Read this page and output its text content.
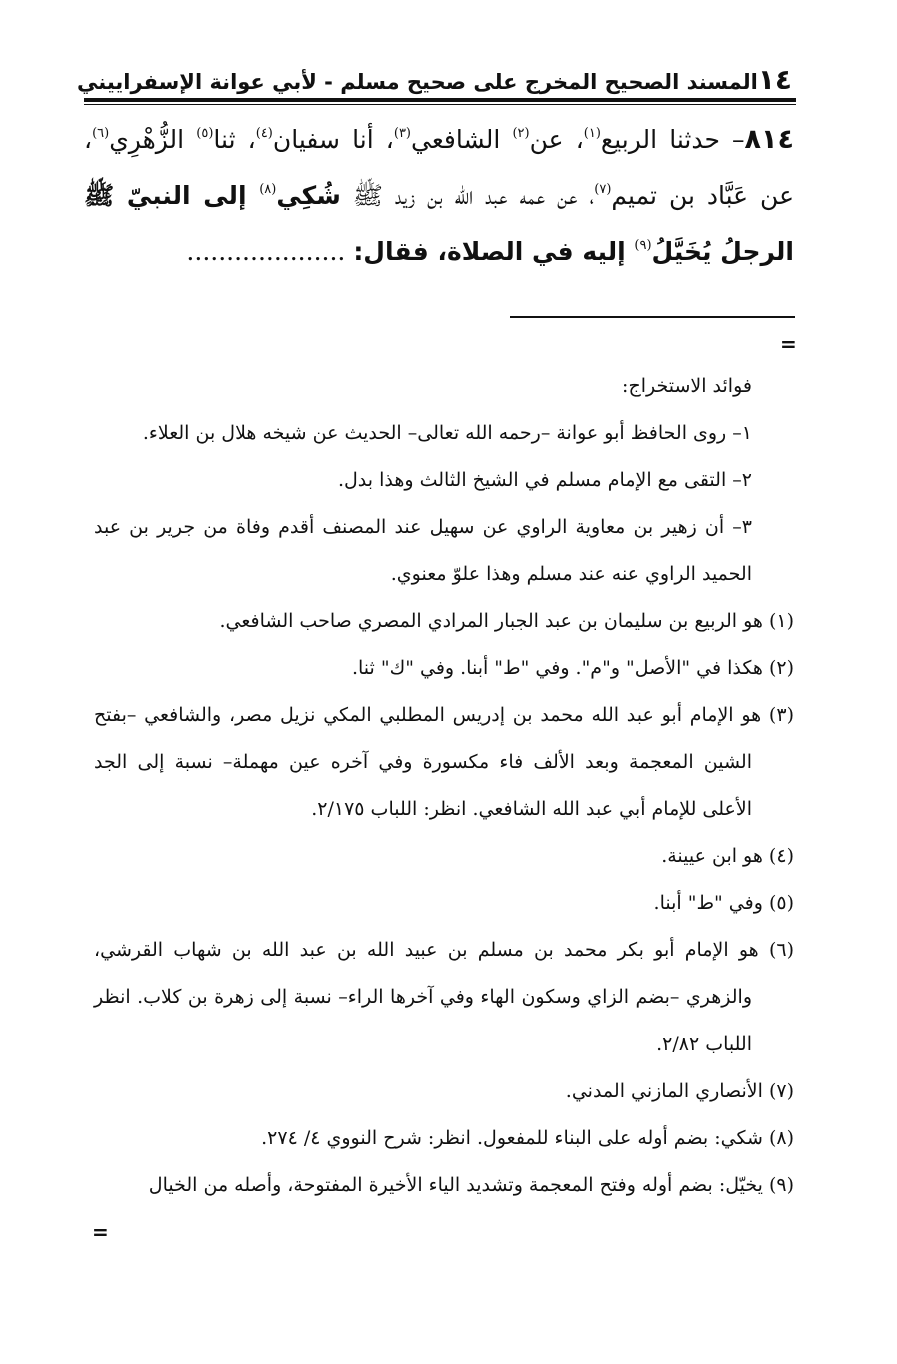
١٤
المسند الصحيح المخرج على صحيح مسلم - لأبي عوانة الإسفراييني
٨١٤– حدثنا الربيع$^{(١)}$، عن$^{(٢)}$ الشافعي$^{(٣)}$، أنا سفيان$^{(٤)}$، ثنا$^{(٥)}$ الزُّهْرِي$^{(٦)}$، عن عَبَّاد بن تميم$^{(٧)}$، عن عمه عبد الله بن زيد ﷺ شُكِي$^{(٨)}$ إلى النبيّ ﷺ الرجلُ يُخَيَّلُ$^{(٩)}$ إليه في الصلاة، فقال: ....................
=

فوائد الاستخراج:

١– روى الحافظ أبو عوانة –رحمه الله تعالى– الحديث عن شيخه هلال بن العلاء.

٢– التقى مع الإمام مسلم في الشيخ الثالث وهذا بدل.

٣– أن زهير بن معاوية الراوي عن سهيل عند المصنف أقدم وفاة من جرير بن عبد الحميد الراوي عنه عند مسلم وهذا علوّ معنوي.

(١) هو الربيع بن سليمان بن عبد الجبار المرادي المصري صاحب الشافعي.

(٢) هكذا في "الأصل" و"م". وفي "ط" أبنا. وفي "ك" ثنا.

(٣) هو الإمام أبو عبد الله محمد بن إدريس المطلبي المكي نزيل مصر، والشافعي –بفتح الشين المعجمة وبعد الألف فاء مكسورة وفي آخره عين مهملة– نسبة إلى الجد الأعلى للإمام أبي عبد الله الشافعي. انظر: اللباب ٢/١٧٥.

(٤) هو ابن عيينة.

(٥) وفي "ط" أبنا.

(٦) هو الإمام أبو بكر محمد بن مسلم بن عبيد الله بن عبد الله بن شهاب القرشي، والزهري –بضم الزاي وسكون الهاء وفي آخرها الراء– نسبة إلى زهرة بن كلاب. انظر اللباب ٢/٨٢.

(٧) الأنصاري المازني المدني.

(٨) شكي: بضم أوله على البناء للمفعول. انظر: شرح النووي ٤/ ٢٧٤.

(٩) يخيّل: بضم أوله وفتح المعجمة وتشديد الياء الأخيرة المفتوحة، وأصله من الخيال

=
